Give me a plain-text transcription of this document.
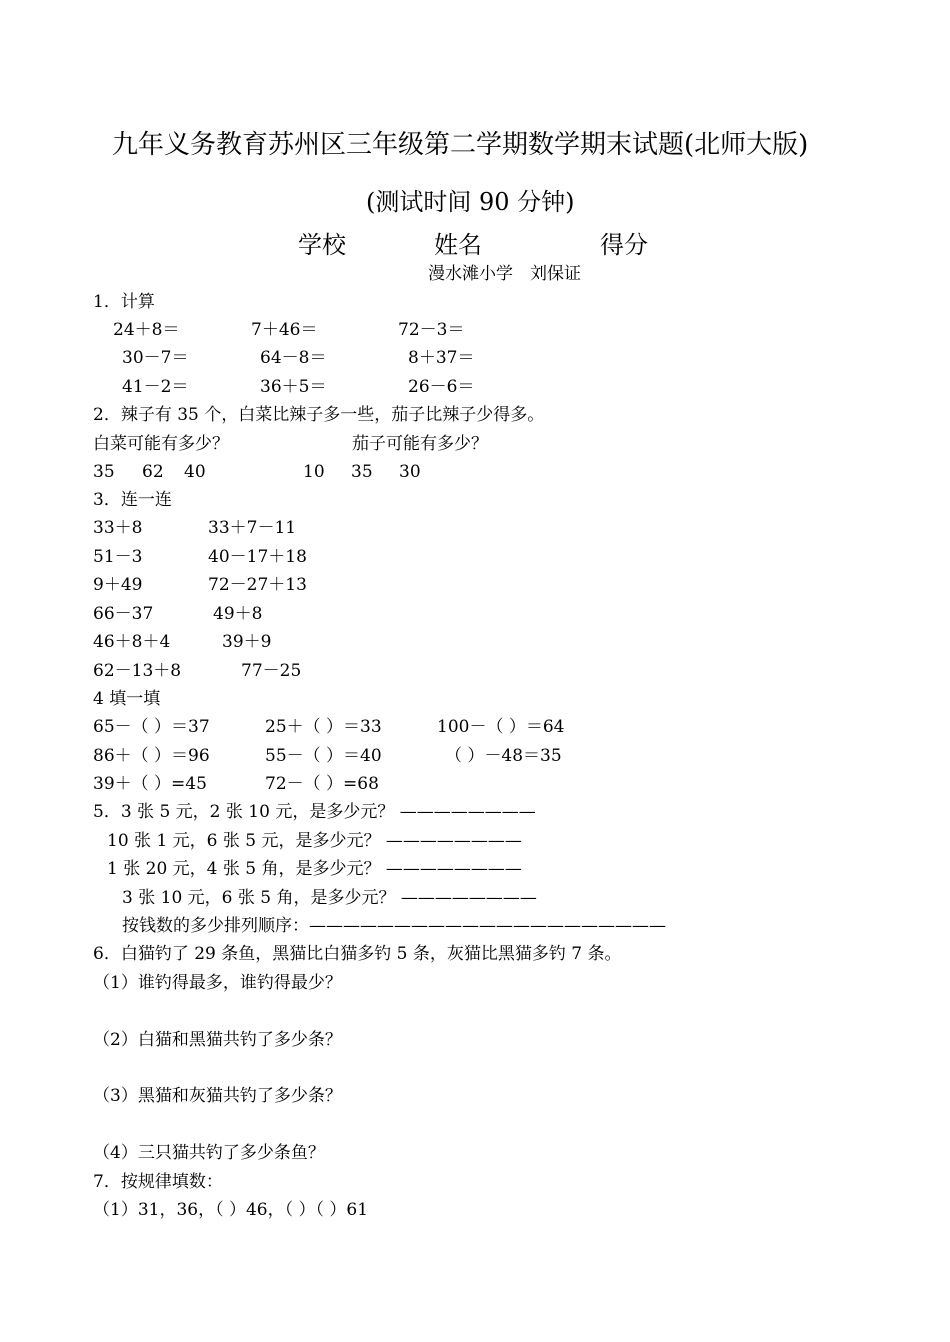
九年义务教育苏州区三年级第二学期数学期末试题(北师大版)
(测试时间 90 分钟)
学校	姓名	得分
漫水滩小学　刘保证
1．计算
24＋8＝	7＋46＝	72－3＝
30－7＝	64－8＝	8＋37＝
41－2＝	36＋5＝	26－6＝
2．辣子有 35 个，白菜比辣子多一些，茄子比辣子少得多。
白菜可能有多少？	茄子可能有多少？
35 62 40	10 35 30
3．连一连
33＋8	33＋7－11
51－3	40－17＋18
9＋49	72－27＋13
66－37	49＋8
46＋8＋4	39＋9
62－13＋8	77－25
4 填一填
65－（ ）＝37	25＋（ ）＝33	100－（ ）＝64
86＋（ ）＝96	55－（ ）＝40	（ ）－48＝35
39＋（ ）=45	72－（ ）=68
5．3 张 5 元，2 张 10 元，是多少元？ ————————
10 张 1 元，6 张 5 元，是多少元？ ————————
1 张 20 元，4 张 5 角，是多少元？ ————————
3 张 10 元，6 张 5 角，是多少元？ ————————
按钱数的多少排列顺序：—————————————————————
6．白猫钓了 29 条鱼，黑猫比白猫多钓 5 条，灰猫比黑猫多钓 7 条。
（1）谁钓得最多，谁钓得最少？
（2）白猫和黑猫共钓了多少条？
（3）黑猫和灰猫共钓了多少条？
（4）三只猫共钓了多少条鱼？
7．按规律填数：
（1）31，36，（ ）46，（ ）（ ）61
